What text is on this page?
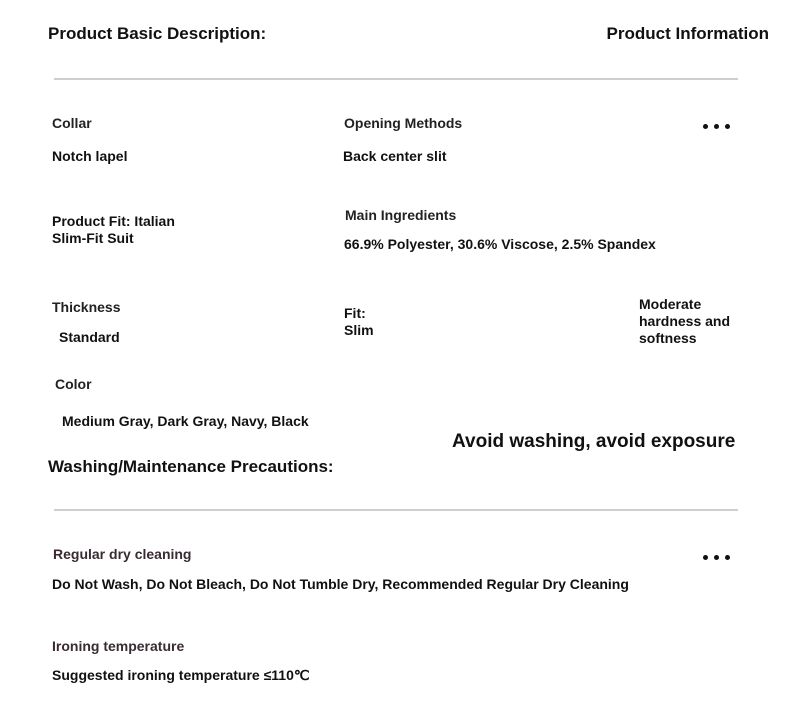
Product Basic Description:	Product Information
Collar
Notch lapel
Opening Methods
Back center slit
Product Fit: Italian Slim-Fit Suit
Main Ingredients
66.9% Polyester, 30.6% Viscose, 2.5% Spandex
Thickness
Standard
Fit:
Slim
Moderate hardness and softness
Color
Medium Gray, Dark Gray, Navy, Black
Avoid washing, avoid exposure
Washing/Maintenance Precautions:
Regular dry cleaning
Do Not Wash, Do Not Bleach, Do Not Tumble Dry, Recommended Regular Dry Cleaning
Ironing temperature
Suggested ironing temperature ≤110℃
